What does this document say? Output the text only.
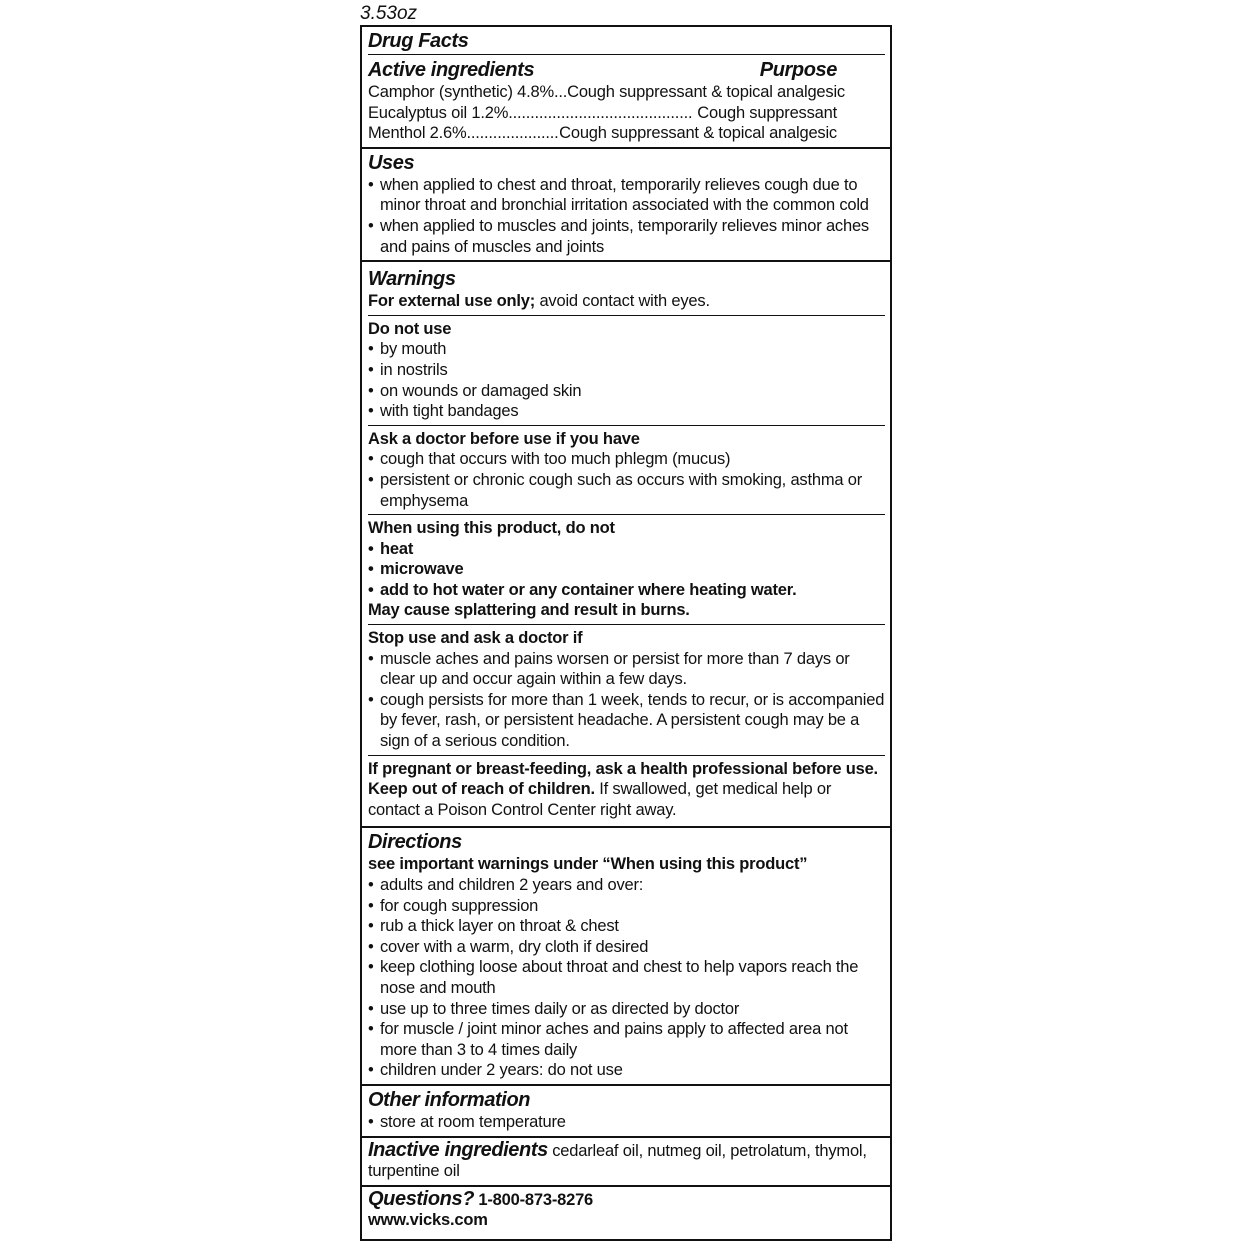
3.53oz
Drug Facts
Active ingredients	Purpose
Camphor (synthetic) 4.8% ... Cough suppressant & topical analgesic
Eucalyptus oil 1.2% .......................................... Cough suppressant
Menthol 2.6% ..................... Cough suppressant & topical analgesic
Uses
• when applied to chest and throat, temporarily relieves cough due to minor throat and bronchial irritation associated with the common cold
• when applied to muscles and joints, temporarily relieves minor aches and pains of muscles and joints
Warnings
For external use only; avoid contact with eyes.
Do not use
• by mouth
• in nostrils
• on wounds or damaged skin
• with tight bandages
Ask a doctor before use if you have
• cough that occurs with too much phlegm (mucus)
• persistent or chronic cough such as occurs with smoking, asthma or emphysema
When using this product, do not
• heat
• microwave
• add to hot water or any container where heating water.
May cause splattering and result in burns.
Stop use and ask a doctor if
• muscle aches and pains worsen or persist for more than 7 days or clear up and occur again within a few days.
• cough persists for more than 1 week, tends to recur, or is accompanied by fever, rash, or persistent headache. A persistent cough may be a sign of a serious condition.
If pregnant or breast-feeding, ask a health professional before use.
Keep out of reach of children. If swallowed, get medical help or contact a Poison Control Center right away.
Directions
see important warnings under “When using this product”
• adults and children 2 years and over:
• for cough suppression
• rub a thick layer on throat & chest
• cover with a warm, dry cloth if desired
• keep clothing loose about throat and chest to help vapors reach the nose and mouth
• use up to three times daily or as directed by doctor
• for muscle / joint minor aches and pains apply to affected area not more than 3 to 4 times daily
• children under 2 years: do not use
Other information
• store at room temperature
Inactive ingredients cedarleaf oil, nutmeg oil, petrolatum, thymol, turpentine oil
Questions? 1-800-873-8276
www.vicks.com
